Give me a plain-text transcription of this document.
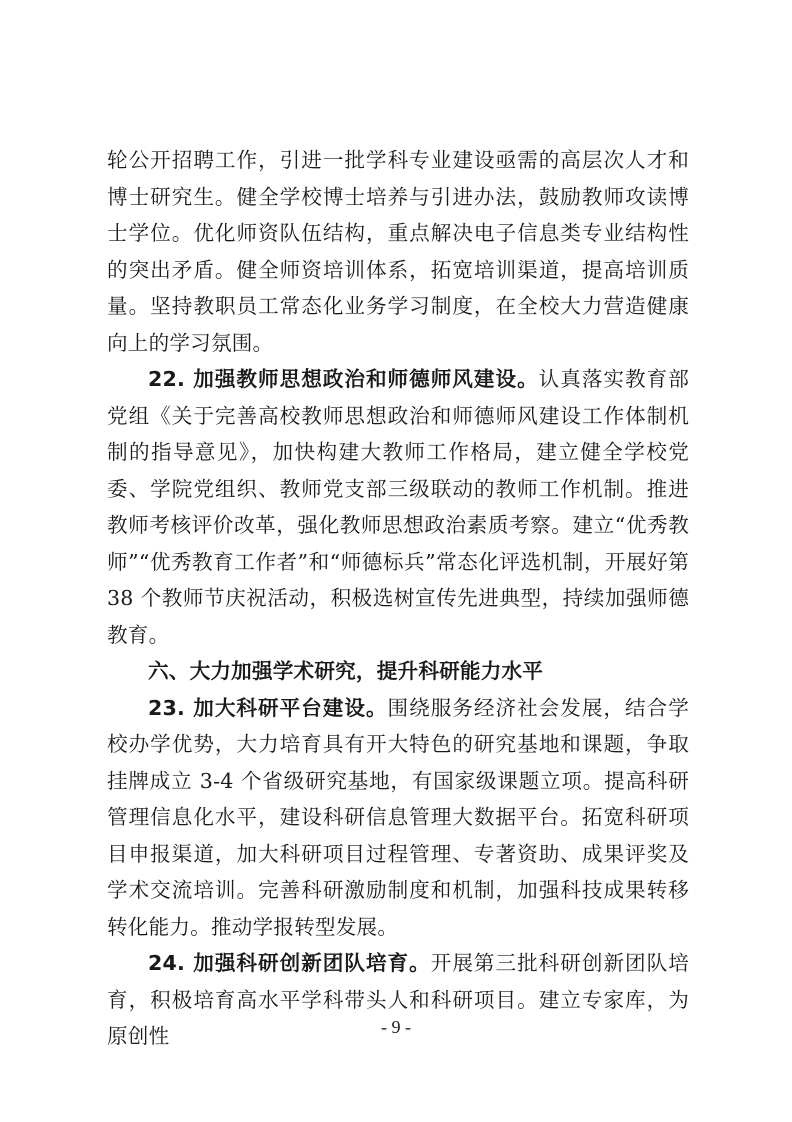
轮公开招聘工作，引进一批学科专业建设亟需的高层次人才和博士研究生。健全学校博士培养与引进办法，鼓励教师攻读博士学位。优化师资队伍结构，重点解决电子信息类专业结构性的突出矛盾。健全师资培训体系，拓宽培训渠道，提高培训质量。坚持教职员工常态化业务学习制度，在全校大力营造健康向上的学习氛围。

22. 加强教师思想政治和师德师风建设。认真落实教育部党组《关于完善高校教师思想政治和师德师风建设工作体制机制的指导意见》，加快构建大教师工作格局，建立健全学校党委、学院党组织、教师党支部三级联动的教师工作机制。推进教师考核评价改革，强化教师思想政治素质考察。建立“优秀教师”“优秀教育工作者”和“师德标兵”常态化评选机制，开展好第 38 个教师节庆祝活动，积极选树宣传先进典型，持续加强师德教育。

六、大力加强学术研究，提升科研能力水平

23. 加大科研平台建设。围绕服务经济社会发展，结合学校办学优势，大力培育具有开大特色的研究基地和课题，争取挂牌成立 3-4 个省级研究基地，有国家级课题立项。提高科研管理信息化水平，建设科研信息管理大数据平台。拓宽科研项目申报渠道，加大科研项目过程管理、专著资助、成果评奖及学术交流培训。完善科研激励制度和机制，加强科技成果转移转化能力。推动学报转型发展。

24. 加强科研创新团队培育。开展第三批科研创新团队培育，积极培育高水平学科带头人和科研项目。建立专家库，为原创性	- 9 -
